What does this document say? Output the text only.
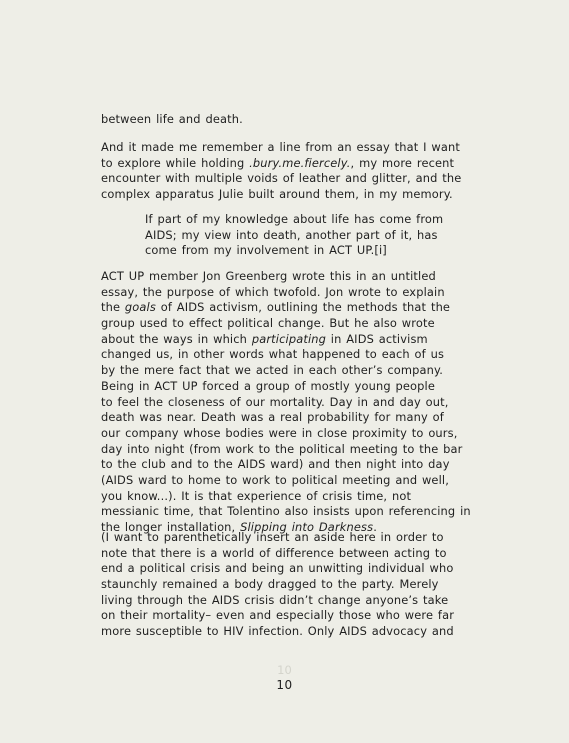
between life and death.

And it made me remember a line from an essay that I want
to explore while holding .bury.me.fiercely., my more recent
encounter with multiple voids of leather and glitter, and the
complex apparatus Julie built around them, in my memory.

If part of my knowledge about life has come from
AIDS; my view into death, another part of it, has
come from my involvement in ACT UP.[i]

ACT UP member Jon Greenberg wrote this in an untitled
essay, the purpose of which twofold. Jon wrote to explain
the goals of AIDS activism, outlining the methods that the
group used to effect political change. But he also wrote
about the ways in which participating in AIDS activism
changed us, in other words what happened to each of us
by the mere fact that we acted in each other’s company.
Being in ACT UP forced a group of mostly young people
to feel the closeness of our mortality. Day in and day out,
death was near. Death was a real probability for many of
our company whose bodies were in close proximity to ours,
day into night (from work to the political meeting to the bar
to the club and to the AIDS ward) and then night into day
(AIDS ward to home to work to political meeting and well,
you know...). It is that experience of crisis time, not
messianic time, that Tolentino also insists upon referencing in
the longer installation, Slipping into Darkness.

(I want to parenthetically insert an aside here in order to
note that there is a world of difference between acting to
end a political crisis and being an unwitting individual who
staunchly remained a body dragged to the party. Merely
living through the AIDS crisis didn’t change anyone’s take
on their mortality– even and especially those who were far
more susceptible to HIV infection. Only AIDS advocacy and

10
10
